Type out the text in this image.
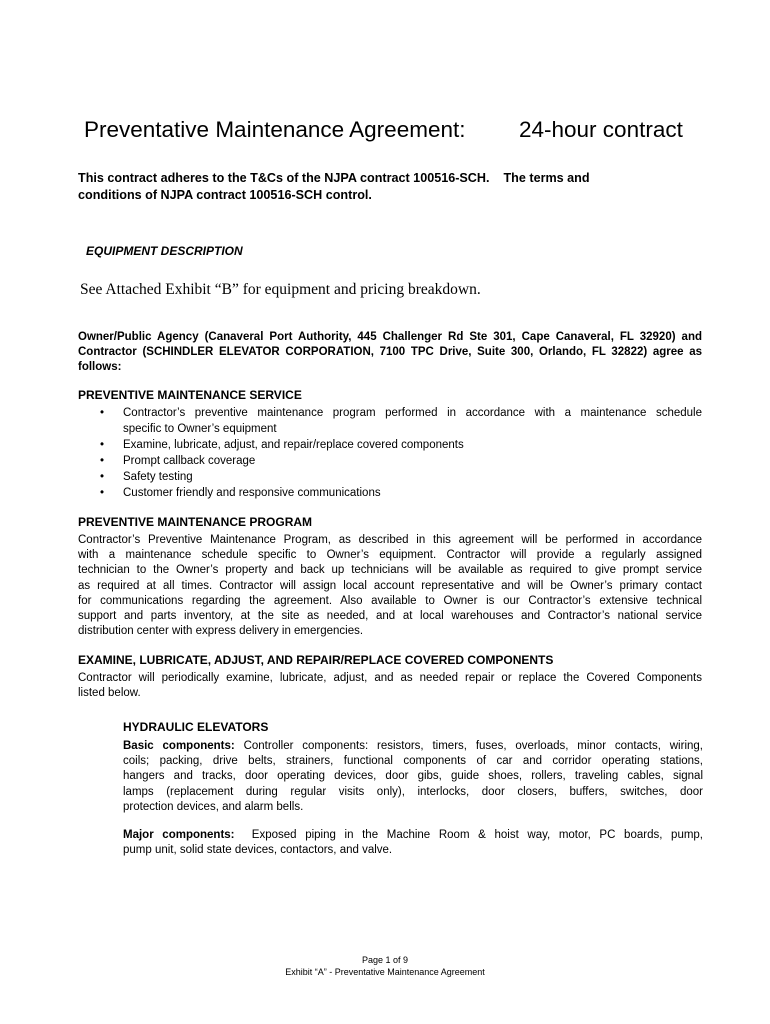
Preventative Maintenance Agreement: 24-hour contract
This contract adheres to the T&Cs of the NJPA contract 100516-SCH.    The terms and
conditions of NJPA contract 100516-SCH control.
EQUIPMENT DESCRIPTION
See Attached Exhibit “B” for equipment and pricing breakdown.
Owner/Public Agency (Canaveral Port Authority, 445 Challenger Rd Ste 301, Cape Canaveral, FL 32920) and Contractor (SCHINDLER ELEVATOR CORPORATION, 7100 TPC Drive, Suite 300, Orlando, FL 32822) agree as follows:
PREVENTIVE MAINTENANCE SERVICE
• Contractor’s preventive maintenance program performed in accordance with a maintenance schedule
specific to Owner’s equipment
• Examine, lubricate, adjust, and repair/replace covered components
• Prompt callback coverage
• Safety testing
• Customer friendly and responsive communications
PREVENTIVE MAINTENANCE PROGRAM
Contractor’s Preventive Maintenance Program, as described in this agreement will be performed in accordance
with a maintenance schedule specific to Owner’s equipment. Contractor will provide a regularly assigned
technician to the Owner’s property and back up technicians will be available as required to give prompt service
as required at all times. Contractor will assign local account representative and will be Owner’s primary contact
for communications regarding the agreement. Also available to Owner is our Contractor’s extensive technical
support and parts inventory, at the site as needed, and at local warehouses and Contractor’s national service
distribution center with express delivery in emergencies.
EXAMINE, LUBRICATE, ADJUST, AND REPAIR/REPLACE COVERED COMPONENTS
Contractor will periodically examine, lubricate, adjust, and as needed repair or replace the Covered Components
listed below.
HYDRAULIC ELEVATORS
Basic components: Controller components: resistors, timers, fuses, overloads, minor contacts, wiring,
coils; packing, drive belts, strainers, functional components of car and corridor operating stations,
hangers and tracks, door operating devices, door gibs, guide shoes, rollers, traveling cables, signal
lamps (replacement during regular visits only), interlocks, door closers, buffers, switches, door
protection devices, and alarm bells.
Major components:  Exposed piping in the Machine Room & hoist way, motor, PC boards, pump,
pump unit, solid state devices, contactors, and valve.
Page 1 of 9
Exhibit “A” - Preventative Maintenance Agreement
